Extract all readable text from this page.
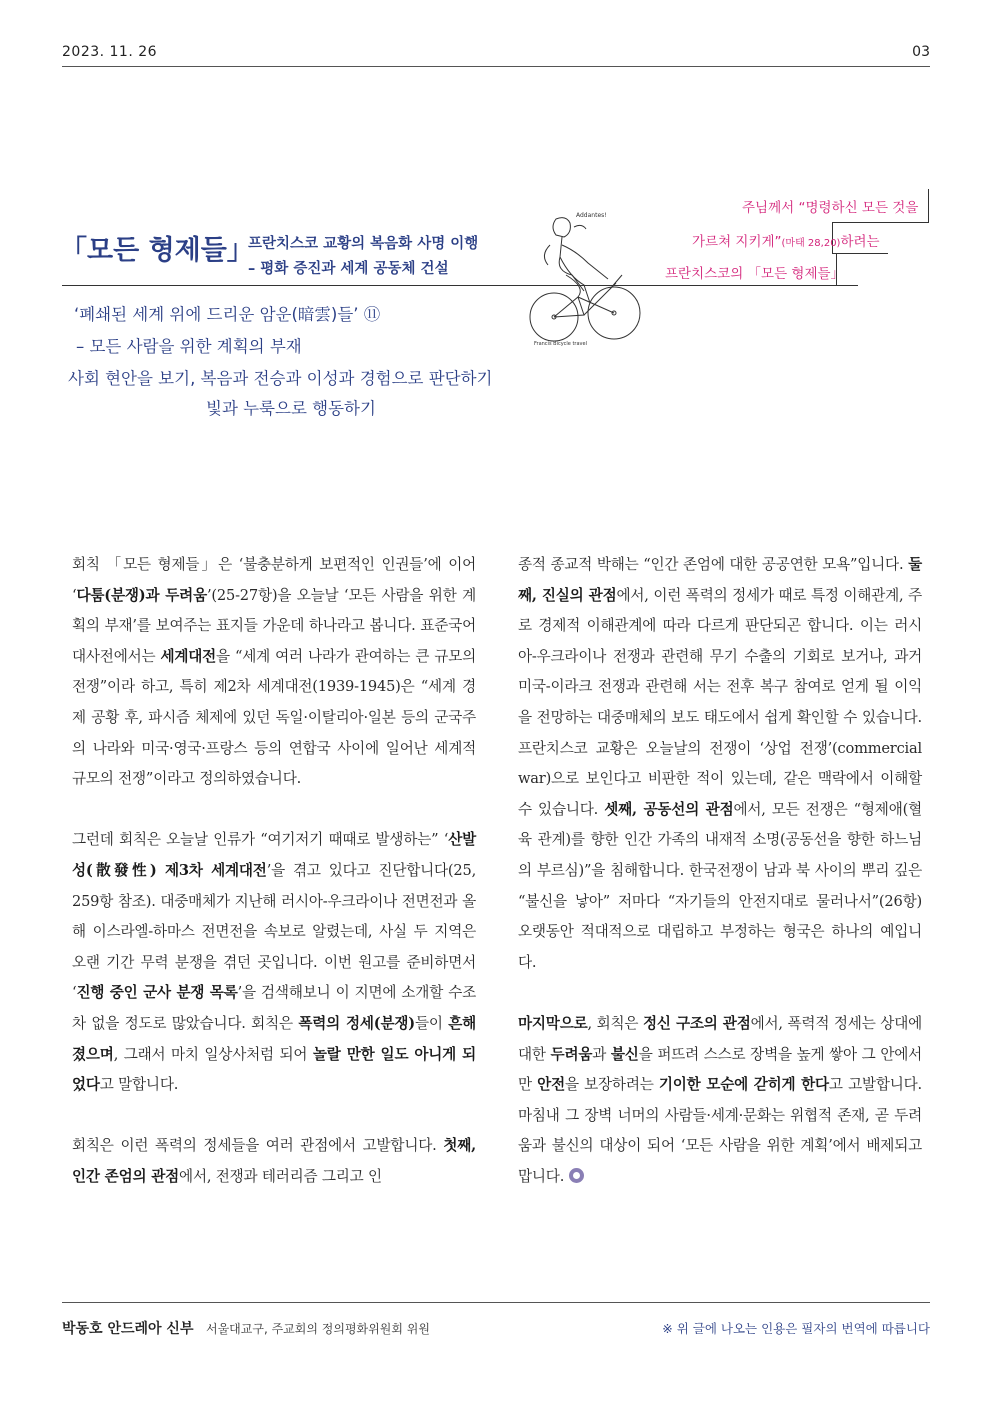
2023. 11. 26	03
「모든 형제들」
프란치스코 교황의 복음화 사명 이행
– 평화 증진과 세계 공동체 건설
주님께서 “명령하신 모든 것을
가르쳐 지키게”(마태 28,20)하려는
프란치스코의 「모든 형제들」
Addantes!
Francis Bicycle travel
‘폐쇄된 세계 위에 드리운 암운(暗雲)들’ ⑪
– 모든 사람을 위한 계획의 부재
사회 현안을 보기, 복음과 전승과 이성과 경험으로 판단하기
빛과 누룩으로 행동하기

회칙 「모든 형제들」은 ‘불충분하게 보편적인 인권들’에 이어 ‘다툼(분쟁)과 두려움’(25-27항)을 오늘날 ‘모든 사람을 위한 계획의 부재’를 보여주는 표지들 가운데 하나라고 봅니다. 표준국어대사전에서는 세계대전을 “세계 여러 나라가 관여하는 큰 규모의 전쟁”이라 하고, 특히 제2차 세계대전(1939-1945)은 “세계 경제 공황 후, 파시즘 체제에 있던 독일·이탈리아·일본 등의 군국주의 나라와 미국·영국·프랑스 등의 연합국 사이에 일어난 세계적 규모의 전쟁”이라고 정의하였습니다.

그런데 회칙은 오늘날 인류가 “여기저기 때때로 발생하는” ‘산발성(散發性) 제3차 세계대전’을 겪고 있다고 진단합니다(25, 259항 참조). 대중매체가 지난해 러시아-우크라이나 전면전과 올해 이스라엘-하마스 전면전을 속보로 알렸는데, 사실 두 지역은 오랜 기간 무력 분쟁을 겪던 곳입니다. 이번 원고를 준비하면서 ‘진행 중인 군사 분쟁 목록’을 검색해보니 이 지면에 소개할 수조차 없을 정도로 많았습니다. 회칙은 폭력의 정세(분쟁)들이 흔해졌으며, 그래서 마치 일상사처럼 되어 놀랄 만한 일도 아니게 되었다고 말합니다.

회칙은 이런 폭력의 정세들을 여러 관점에서 고발합니다. 첫째, 인간 존엄의 관점에서, 전쟁과 테러리즘 그리고 인

종적 종교적 박해는 “인간 존엄에 대한 공공연한 모욕”입니다. 둘째, 진실의 관점에서, 이런 폭력의 정세가 때로 특정 이해관계, 주로 경제적 이해관계에 따라 다르게 판단되곤 합니다. 이는 러시아-우크라이나 전쟁과 관련해 무기 수출의 기회로 보거나, 과거 미국-이라크 전쟁과 관련해 서는 전후 복구 참여로 얻게 될 이익을 전망하는 대중매체의 보도 태도에서 쉽게 확인할 수 있습니다. 프란치스코 교황은 오늘날의 전쟁이 ‘상업 전쟁’(commercial war)으로 보인다고 비판한 적이 있는데, 같은 맥락에서 이해할 수 있습니다. 셋째, 공동선의 관점에서, 모든 전쟁은 “형제애(혈육 관계)를 향한 인간 가족의 내재적 소명(공동선을 향한 하느님의 부르심)”을 침해합니다. 한국전쟁이 남과 북 사이의 뿌리 깊은 “불신을 낳아” 저마다 “자기들의 안전지대로 물러나서”(26항) 오랫동안 적대적으로 대립하고 부정하는 형국은 하나의 예입니다.

마지막으로, 회칙은 정신 구조의 관점에서, 폭력적 정세는 상대에 대한 두려움과 불신을 퍼뜨려 스스로 장벽을 높게 쌓아 그 안에서만 안전을 보장하려는 기이한 모순에 갇히게 한다고 고발합니다. 마침내 그 장벽 너머의 사람들·세계·문화는 위협적 존재, 곧 두려움과 불신의 대상이 되어 ‘모든 사람을 위한 계획’에서 배제되고 맙니다.

박동호 안드레아 신부 서울대교구, 주교회의 정의평화위원회 위원	※ 위 글에 나오는 인용은 필자의 번역에 따릅니다
